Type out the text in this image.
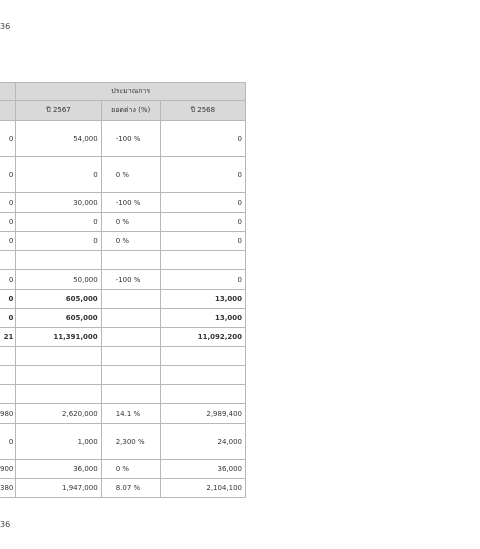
36
	ประมาณการ		
	ปี 2567	ยอดต่าง (%)	ปี 2568
0	54,000	-100 %	0
0	0	0 %	0
0	30,000	-100 %	0
0	0	0 %	0
0	0	0 %	0

0	50,000	-100 %	0
0	605,000		13,000
0	605,000		13,000
21	11,391,000		11,092,200

980	2,620,000	14.1 %	2,989,400
0	1,000	2,300 %	24,000
900	36,000	0 %	36,000
380	1,947,000	8.07 %	2,104,100
36
